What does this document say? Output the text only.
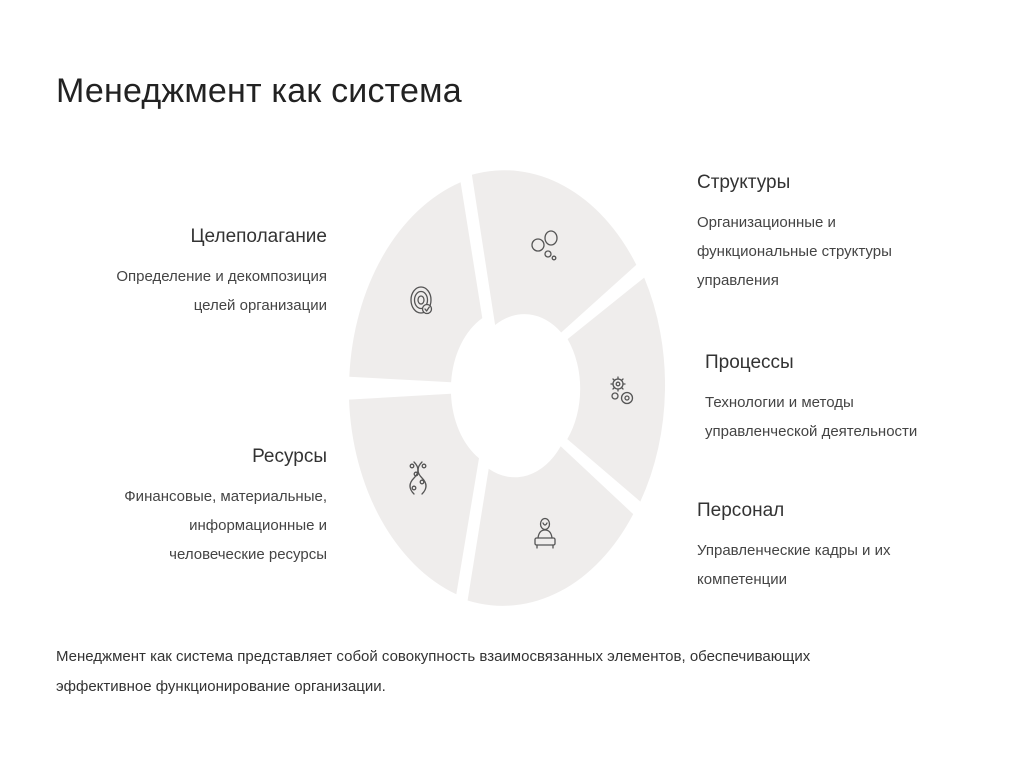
Менеджмент как система
Целеполагание
Определение и декомпозиция
целей организации
Ресурсы
Финансовые, материальные,
информационные и
человеческие ресурсы
Структуры
Организационные и
функциональные структуры
управления
Процессы
Технологии и методы
управленческой деятельности
Персонал
Управленческие кадры и их
компетенции
Менеджмент как система представляет собой совокупность взаимосвязанных элементов, обеспечивающих
эффективное функционирование организации.
